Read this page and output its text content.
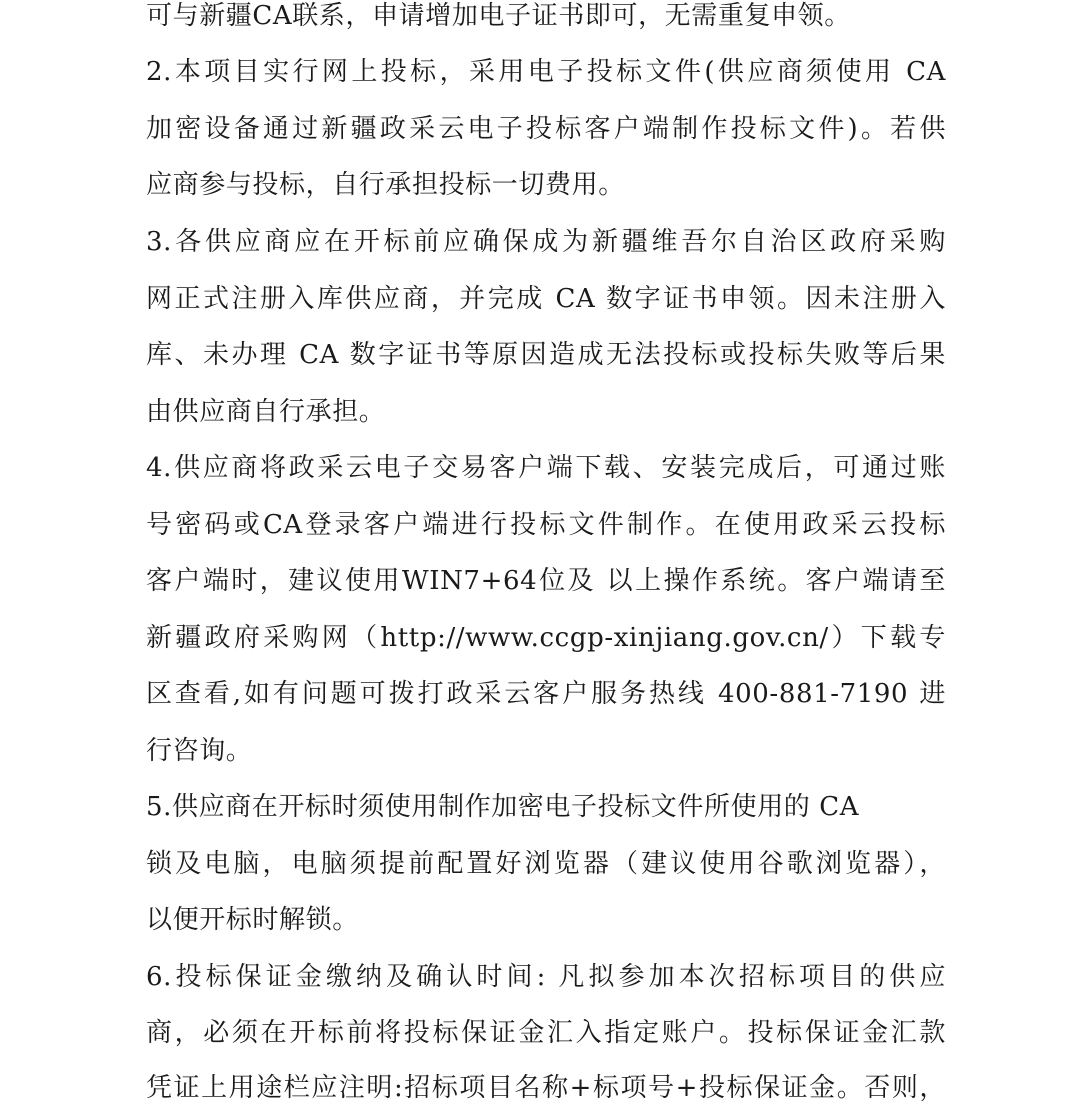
可与新疆CA联系，申请增加电子证书即可，无需重复申领。
2.本项目实行网上投标，采用电子投标文件(供应商须使用 CA
加密设备通过新疆政采云电子投标客户端制作投标文件)。若供
应商参与投标，自行承担投标一切费用。
3.各供应商应在开标前应确保成为新疆维吾尔自治区政府采购
网正式注册入库供应商，并完成 CA 数字证书申领。因未注册入
库、未办理 CA 数字证书等原因造成无法投标或投标失败等后果
由供应商自行承担。
4.供应商将政采云电子交易客户端下载、安装完成后，可通过账
号密码或CA登录客户端进行投标文件制作。在使用政采云投标
客户端时，建议使用WIN7+64位及 以上操作系统。客户端请至
新疆政府采购网（http://www.ccgp-xinjiang.gov.cn/）下载专
区查看,如有问题可拨打政采云客户服务热线 400-881-7190 进
行咨询。
5.供应商在开标时须使用制作加密电子投标文件所使用的 CA
锁及电脑，电脑须提前配置好浏览器（建议使用谷歌浏览器），
以便开标时解锁。
6.投标保证金缴纳及确认时间: 凡拟参加本次招标项目的供应
商，必须在开标前将投标保证金汇入指定账户。投标保证金汇款
凭证上用途栏应注明:招标项目名称+标项号+投标保证金。否则，
